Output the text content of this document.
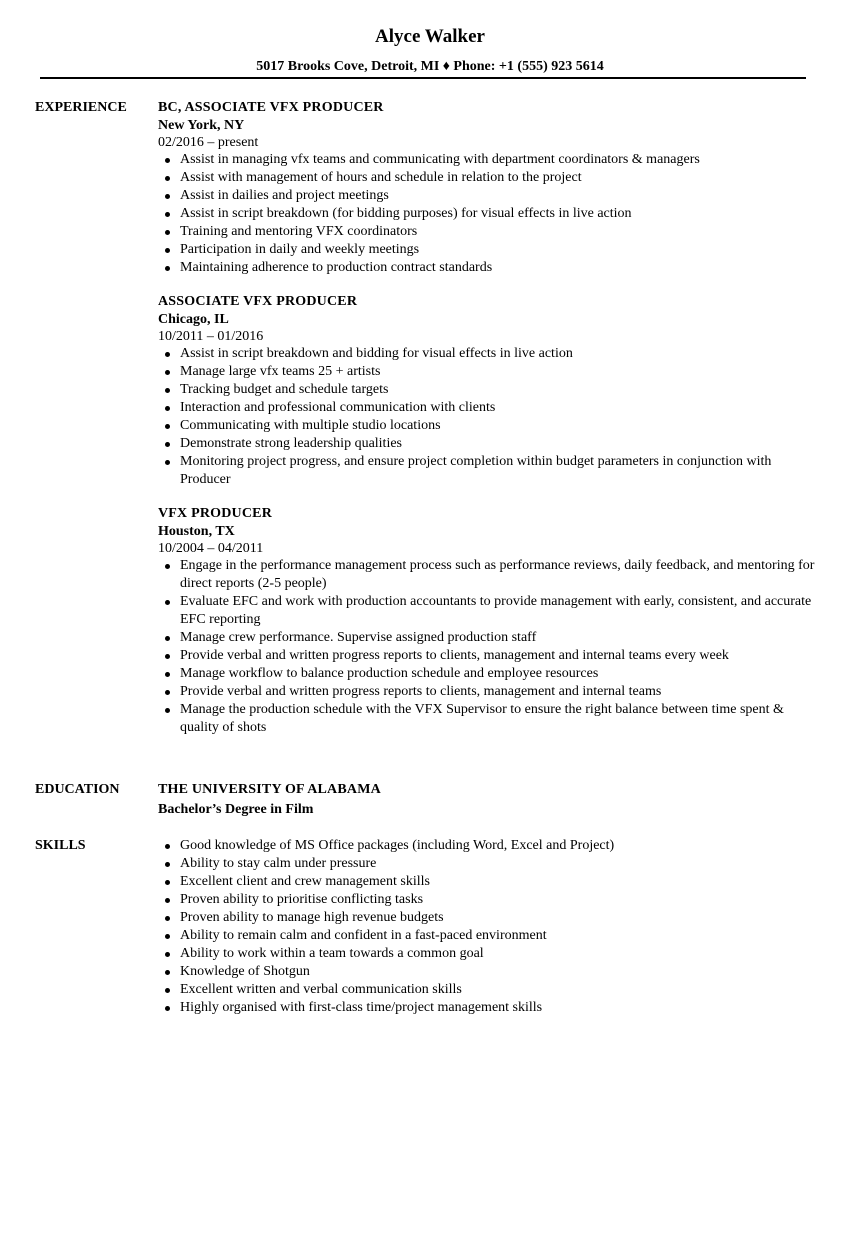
Alyce Walker
5017 Brooks Cove, Detroit, MI ♦ Phone: +1 (555) 923 5614
EXPERIENCE BC, ASSOCIATE VFX PRODUCER
New York, NY
02/2016 – present
Assist in managing vfx teams and communicating with department coordinators & managers
Assist with management of hours and schedule in relation to the project
Assist in dailies and project meetings
Assist in script breakdown (for bidding purposes) for visual effects in live action
Training and mentoring VFX coordinators
Participation in daily and weekly meetings
Maintaining adherence to production contract standards
ASSOCIATE VFX PRODUCER
Chicago, IL
10/2011 – 01/2016
Assist in script breakdown and bidding for visual effects in live action
Manage large vfx teams 25 + artists
Tracking budget and schedule targets
Interaction and professional communication with clients
Communicating with multiple studio locations
Demonstrate strong leadership qualities
Monitoring project progress, and ensure project completion within budget parameters in conjunction with Producer
VFX PRODUCER
Houston, TX
10/2004 – 04/2011
Engage in the performance management process such as performance reviews, daily feedback, and mentoring for direct reports (2-5 people)
Evaluate EFC and work with production accountants to provide management with early, consistent, and accurate EFC reporting
Manage crew performance. Supervise assigned production staff
Provide verbal and written progress reports to clients, management and internal teams every week
Manage workflow to balance production schedule and employee resources
Provide verbal and written progress reports to clients, management and internal teams
Manage the production schedule with the VFX Supervisor to ensure the right balance between time spent & quality of shots
EDUCATION	THE UNIVERSITY OF ALABAMA
Bachelor’s Degree in Film
SKILLS	Good knowledge of MS Office packages (including Word, Excel and Project)
Ability to stay calm under pressure
Excellent client and crew management skills
Proven ability to prioritise conflicting tasks
Proven ability to manage high revenue budgets
Ability to remain calm and confident in a fast-paced environment
Ability to work within a team towards a common goal
Knowledge of Shotgun
Excellent written and verbal communication skills
Highly organised with first-class time/project management skills
